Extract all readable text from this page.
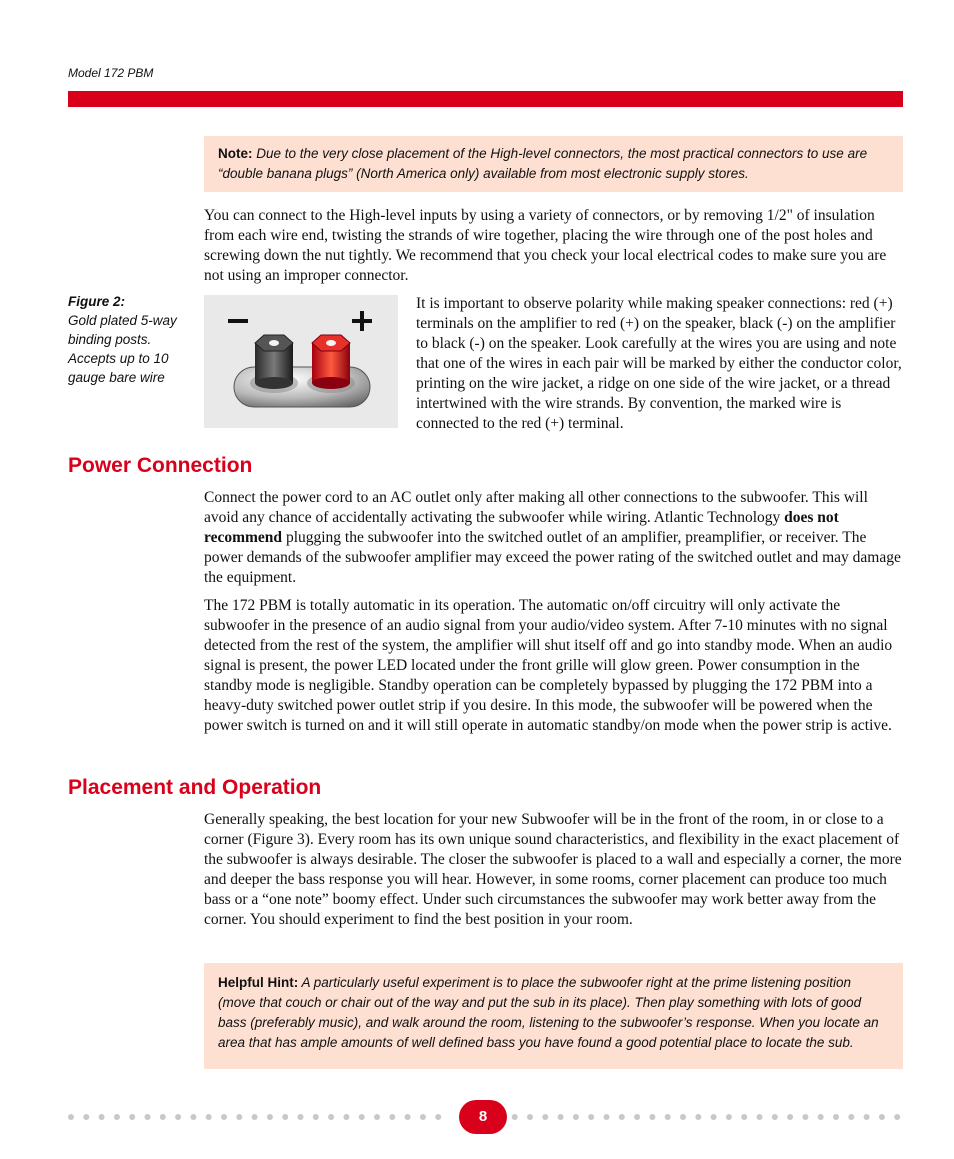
Model 172 PBM
Note: Due to the very close placement of the High-level connectors, the most practical connectors to use are “double banana plugs” (North America only) available from most electronic supply stores.

You can connect to the High-level inputs by using a variety of connectors, or by removing 1/2" of insulation from each wire end, twisting the strands of wire together, placing the wire through one of the post holes and screwing down the nut tightly. We recommend that you check your local electrical codes to make sure you are not using an improper connector.

Figure 2:
Gold plated 5-way binding posts. Accepts up to 10 gauge bare wire

It is important to observe polarity while making speaker connections: red (+) terminals on the amplifier to red (+) on the speaker, black (-) on the amplifier to black (-) on the speaker. Look carefully at the wires you are using and note that one of the wires in each pair will be marked by either the conductor color, printing on the wire jacket, a ridge on one side of the wire jacket, or a thread intertwined with the wire strands. By convention, the marked wire is connected to the red (+) terminal.

Power Connection

Connect the power cord to an AC outlet only after making all other connections to the subwoofer. This will avoid any chance of accidentally activating the subwoofer while wiring. Atlantic Technology does not recommend plugging the subwoofer into the switched outlet of an amplifier, preamplifier, or receiver. The power demands of the subwoofer amplifier may exceed the power rating of the switched outlet and may damage the equipment.

The 172 PBM is totally automatic in its operation. The automatic on/off circuitry will only activate the subwoofer in the presence of an audio signal from your audio/video system. After 7-10 minutes with no signal detected from the rest of the system, the amplifier will shut itself off and go into standby mode. When an audio signal is present, the power LED located under the front grille will glow green. Power consumption in the standby mode is negligible. Standby operation can be completely bypassed by plugging the 172 PBM into a heavy-duty switched power outlet strip if you desire. In this mode, the subwoofer will be powered when the power switch is turned on and it will still operate in automatic standby/on mode when the power strip is active.

Placement and Operation

Generally speaking, the best location for your new Subwoofer will be in the front of the room, in or close to a corner (Figure 3). Every room has its own unique sound characteristics, and flexibility in the exact placement of the subwoofer is always desirable. The closer the subwoofer is placed to a wall and especially a corner, the more and deeper the bass response you will hear. However, in some rooms, corner placement can produce too much bass or a “one note” boomy effect. Under such circumstances the subwoofer may work better away from the corner. You should experiment to find the best position in your room.

Helpful Hint: A particularly useful experiment is to place the subwoofer right at the prime listening position (move that couch or chair out of the way and put the sub in its place). Then play something with lots of good bass (preferably music), and walk around the room, listening to the subwoofer’s response. When you locate an area that has ample amounts of well defined bass you have found a good potential place to locate the sub.
8
